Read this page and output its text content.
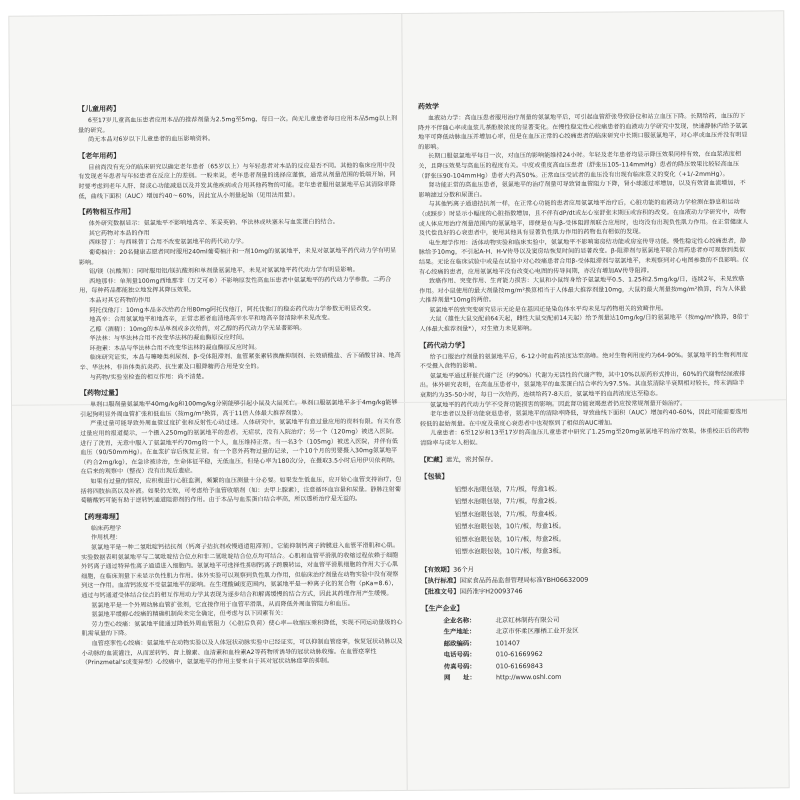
【儿童用药】

6至17岁儿童高血压患者应用本品的推荐剂量为2.5mg至5mg，每日一次。尚无儿童患者每日应用本品5mg以上剂量的研究。

尚无本品对6岁以下儿童患者的血压影响资料。

【老年用药】

目前尚没有充分的临床研究以确定老年患者（65岁以上）与年轻患者对本品的反应是否不同。其他的临床应用中没有发现老年患者与年轻患者在反应上的差别。一般来说，老年患者剂量的选择应谨慎，通常从剂量范围的低端开始，同时要考虑到老年人肝、肾或心功能减退以及并发其他疾病或合用其他药物的可能。老年患者服用氨氯地平后其清除率降低，曲线下面积（AUC）增加约40～60%，因此宜从小剂量起始（见用法用量）。

【药物相互作用】

体外研究数据显示：氨氯地平不影响地高辛、苯妥英钠、华法林或呋塞米与血浆蛋白的结合。

其它药物对本品的作用

西咪替丁：与西咪替丁合用不改变氨氯地平的药代动力学。

葡萄柚汁：20名健康志愿者同时服用240ml葡萄柚汁和一剂10mg的氨氯地平，未见对氨氯地平药代动力学有明显影响。

铝/镁（抗酸剂）：同时服用铝/镁抗酸剂和单剂量氨氯地平，未见对氨氯地平药代动力学有明显影响。

西地那非：单剂量100mg西地那非（万艾可®）不影响原发性高血压患者中氨氯地平的药代动力学参数。二药合用，每种药品都能独立地发挥其降压效果。

本品对其它药物的作用

阿托伐他汀：10mg本品多次给药合用80mg阿托伐他汀，阿托伐他汀的稳态药代动力学参数无明显改变。

地高辛：合用氨氯地平和地高辛，正常志愿者血清地高辛水平和地高辛肾清除率未见改变。

乙醇（酒精）：10mg的本品单剂或多次给药，对乙醇的药代动力学无显著影响。

华法林：与华法林合用不改变华法林的凝血酶原反应时间。

环孢素：本品与华法林合用不改变华法林的凝血酶原反应时间。

临床研究证实，本品与噻嗪类利尿剂、β-受体阻滞剂、血管紧张素转换酶抑制剂、长效硝酸盐、舌下硝酸甘油、地高辛、华法林、非甾体类抗炎药、抗生素及口服降糖药合用是安全的。

与药物/实验室检查的相互作用：尚不清楚。

【药物过量】

单剂口服剂量氨氯地平40mg/kg和100mg/kg分别能够引起小鼠及大鼠死亡。单剂口服氨氯地平多于4mg/kg能够引起狗明显外周血管扩张和低血压（按mg/m²换算，高于11倍人体最大推荐剂量）。

严重过量可能导致外周血管过度扩张和反射性心动过速。人体研究中，氨氯地平有意过量应用的资料有限。有关有意过量应用的报道提示，一个摄入250mg的氨氯地平的患者，无症状，没有入院治疗；另一个（120mg）被送入医院，进行了洗胃，无意中服入了氨氯地平约70mg的一个人，血压维持正常。当一名3个（105mg）被送入医院，并伴有低血压（90/50mmHg）。在血浆扩容后恢复正常。有一个意外药物过量的记录，一个10个月的男婴摄入30mg氨氯地平（约合2mg/kg），在急诊被诊治，生命体征平稳，无低血压，但是心率为180次/分，在摄取3.5小时后用伊贝依利纳，在后来的观察中（整夜）没有出现后遗症。

如果有过量的情况，应积极进行心脏监测，频繁的血压测量十分必要。如果发生低血压，应开始心血管支持治疗，包括将四肢抬高以及补液。如果仍无效，可考虑给予血管收缩剂（如：去甲上腺素），注意循环血容量和尿量。静脉注射葡萄糖酸钙可能有助于逆转钙通道阻滞剂的作用。由于本品与血浆蛋白结合率高，所以透析治疗是无益的。

【药理毒理】

临床药理学

作用机理：

氨氯地平是一种二氢吡啶钙拮抗剂（钙离子拮抗剂或慢通道阻滞剂），它能抑制钙离子跨膜进入血管平滑肌和心肌。实验数据表明氨氯地平与二氢吡啶结合位点和非二氢吡啶结合位点均可结合。心肌和血管平滑肌的收缩过程依赖于细胞外钙离子通过特异性离子通道进入细胞内。氨氯地平可选择性抑制钙离子跨膜转运，对血管平滑肌细胞的作用大于心肌细胞，在临床剂量下未显示负性肌力作用。体外实验可以观察到负性肌力作用，但临床治疗剂量在动物实验中没有观察到这一作用。血清钙浓度不受氨氯地平的影响。在生理酸碱度范围内，氨氯地平是一种离子化的复合物（pKa=8.6），通过与钙通道受体结合位点的相互作用动力学其表现为逐步结合和解离缓慢的结合方式，因此其药理作用产生缓慢。

氨氯地平是一个外周动脉血管扩张剂，它直接作用于血管平滑肌，从而降低外周血管阻力和血压。

氨氯地平缓解心绞痛的精确机制尚未完全确定，但考虑与以下因素有关：

劳力型心绞痛：氨氯地平能通过降低外周血管阻力（心脏后负荷）使心率—收缩压乘积降低，实现不同运动量级的心肌需氧量的下降。

血管痉挛性心绞痛：氨氯地平在动物实验以及人体冠状动脉实验中已经证实，可以抑制血管痉挛，恢复冠状动脉以及小动脉的血流灌注，从而逆转钙、肾上腺素、血清素和血栓素A2等药物所诱导的冠状动脉收缩。在血管痉挛性（Prinzmetal's或变异型）心绞痛中，氨氯地平的作用主要来自于其对冠状动脉痉挛的抑制。

药效学

血液动力学：高血压患者服用治疗剂量的氨氯地平后，可引起血管舒张导致卧位和站立血压下降。长期给药，血压的下降并不伴随心率或血浆儿茶酚胺浓度的显著变化。在慢性稳定性心绞痛患者的血液动力学研究中发现，快速静脉内给予氨氯地平可降低动脉血压并增加心率，但是在血压正常的心绞痛患者的临床研究中长期口服氨氯地平，对心率或血压并没有明显的影响。

长期口服氨氯地平每日一次，对血压的影响能维持24小时。年轻及老年患者均显示降压效果同样有效，在血浆浓度相关，且降压效果与高血压的程度有关。中度或重度高血压患者（舒张压105-114mmHg）患者的降压效果比较轻高血压（舒张压90-104mmHg）患者大约高50%。正常血压受试者的血压没有出现有临床意义的变化（+1/-2mmHg）。

肾功能正常的高血压患者，氨氯地平的治疗剂量可导致肾血管阻力下降，肾小球滤过率增加，以及有效肾血流增加，不影响滤过分数和尿蛋白。

与其他钙离子通道拮抗剂一样，在正常心功能的患者应用氨氯地平治疗后，心脏功能的血液动力学检测在静息和运动（或踩步）时显示小幅度的心脏指数增加，且不伴有dP/dt或左心室舒张末期压或容积的改变。在血液动力学研究中，动物或人体应用治疗剂量范围内的氨氯地平，即便是在与β-受体阻滞剂联合应用时，也均没有出现负性肌力作用。在正常健康人及代偿良好的心衰患者中，使用其他具有显著负性肌力作用的药物也有相似的发现。

电生理学作用：活体动物实验和临床实验中，氨氯地平不影响窦房结功能或房室传导功能。慢性稳定性心绞痛患者，静脉给予10mg，不引起A-H、H-V传导以及窦房结恢复时间的显著改变。β-阻滞剂与氨氯地平联合用药患者亦可观察到类似结果。无论在临床试验中或是在试验中对心绞痛患者合用β-受体阻滞剂与氨氯地平，未观察到对心电图参数的不良影响。仅有心绞痛的患者，应用氨氯地平没有改变心电图的传导间期，亦没有增加AV传导阻滞。

致癌作用、突变作用、生育能力损害：大鼠和小鼠终身给予氨氯地平0.5、1.25和2.5mg/kg/日，连续2年，未见致癌作用。对小鼠使用的最大剂量按mg/m²换算相当于人体最大推荐剂量10mg，大鼠的最大剂量按mg/m²换算，约为人体最大推荐剂量*10mg的两倍。

氨氯地平的致突变研究显示无论是在基因还是染色体水平均未见与药物相关的致畸作用。

大鼠（雄性大鼠交配前64天起，雌性大鼠交配前14天起）给予剂量达10mg/kg/日的氨氯地平（按mg/m²换算，8倍于人体最大推荐剂量*），对生殖力未见影响。

【药代动力学】

给予口服治疗剂量的氨氯地平后，6-12小时血药浓度达至高峰。绝对生物利用度约为64-90%。氨氯地平的生物利用度不受摄入食物的影响。

氨氯地平通过肝脏代谢广泛（约90%）代谢为无活性的代谢产物，其中10%以原药形式排出，60%的代谢物经尿液排出。体外研究表明，在高血压患者中，氨氯地平的血浆蛋白结合率约为97.5%。其血浆清除半衰期相对较长，终末消除半衰期约为35-50小时，每日一次给药，连续给药7-8天后，氨氯地平的血药浓度达至稳态。

氨氯地平的药代动力学不受肾功能损害的影响。因此肾功能衰竭患者仍应按常规剂量开始治疗。

老年患者以及肝功能衰退患者，氨氯地平的清除率降低，导致曲线下面积（AUC）增加约40-60%，因此可能需要选用较低的起始剂量。在中度及重度心衰患者中也观察到了相似的AUC增加。

儿童患者：6至12岁和13至17岁的高血压儿童患者中研究了1.25mg至20mg氨氯地平的治疗效果，体重校正后的药物清除率与成年人相似。

【贮藏】遮光，密封保存。

【包装】

铝塑水泡眼包装，7片/板，每盒1板。

铝塑水泡眼包装，7片/板，每盒2板。

铝塑水泡眼包装，7片/板，每盒4板。

铝塑水泡眼包装，10片/板，每盒1板。

铝塑水泡眼包装，10片/板，每盒2板。

铝塑水泡眼包装，10片/板，每盒3板。

【有效期】36个月

【执行标准】国家食品药品监督管理局标准YBH06632009

【批准文号】国药准字H20093746

【生产企业】
企业名称：	北京红林制药有限公司
生产地址：	北京市怀柔区雁栖工业开发区
邮政编码：	101407
电话号码：	010-61669962
传真号码：	010-61669843
网　　址：	http://www.oshl.com
